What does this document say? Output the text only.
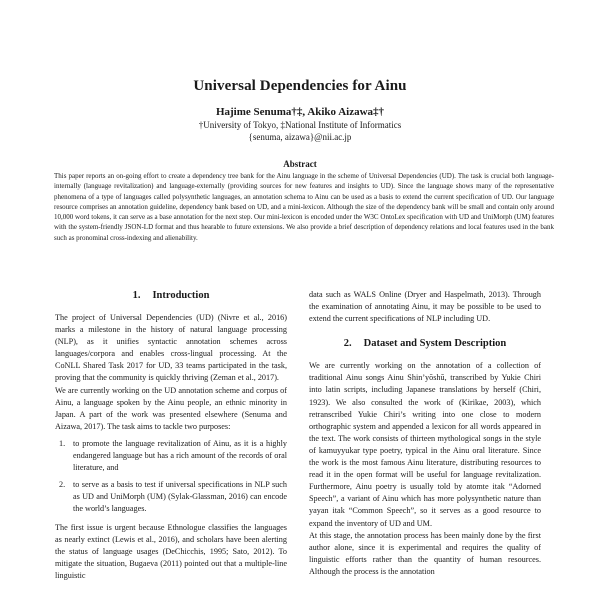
Universal Dependencies for Ainu
Hajime Senuma†‡, Akiko Aizawa‡†
†University of Tokyo, ‡National Institute of Informatics
{senuma, aizawa}@nii.ac.jp
Abstract

This paper reports an on-going effort to create a dependency tree bank for the Ainu language in the scheme of Universal Dependencies (UD). The task is crucial both language-internally (language revitalization) and language-externally (providing sources for new features and insights to UD). Since the language shows many of the representative phenomena of a type of languages called polysynthetic languages, an annotation schema to Ainu can be used as a basis to extend the current specification of UD. Our language resource comprises an annotation guideline, dependency bank based on UD, and a mini-lexicon. Although the size of the dependency bank will be small and contain only around 10,000 word tokens, it can serve as a base annotation for the next step. Our mini-lexicon is encoded under the W3C OntoLex specification with UD and UniMorph (UM) features with the system-friendly JSON-LD format and thus hearable to future extensions. We also provide a brief description of dependency relations and local features used in the bank such as pronominal cross-indexing and alienability.

1. Introduction

The project of Universal Dependencies (UD) (Nivre et al., 2016) marks a milestone in the history of natural language processing (NLP), as it unifies syntactic annotation schemes across languages/corpora and enables cross-lingual processing. At the CoNLL Shared Task 2017 for UD, 33 teams participated in the task, proving that the community is quickly thriving (Zeman et al., 2017).

We are currently working on the UD annotation scheme and corpus of Ainu, a language spoken by the Ainu people, an ethnic minority in Japan. A part of the work was presented elsewhere (Senuma and Aizawa, 2017). The task aims to tackle two purposes:

1. to promote the language revitalization of Ainu, as it is a highly endangered language but has a rich amount of the records of oral literature, and
2. to serve as a basis to test if universal specifications in NLP such as UD and UniMorph (UM) (Sylak-Glassman, 2016) can encode the world’s languages.

The first issue is urgent because Ethnologue classifies the languages as nearly extinct (Lewis et al., 2016), and scholars have been alerting the status of language usages (DeChicchis, 1995; Sato, 2012). To mitigate the situation, Bugaeva (2011) pointed out that a multiple-line linguistic

data such as WALS Online (Dryer and Haspelmath, 2013). Through the examination of annotating Ainu, it may be possible to be used to extend the current specifications of NLP including UD.

2. Dataset and System Description

We are currently working on the annotation of a collection of traditional Ainu songs Ainu Shin’yōshū, transcribed by Yukie Chiri into latin scripts, including Japanese translations by herself (Chiri, 1923). We also consulted the work of (Kirikae, 2003), which retranscribed Yukie Chiri’s writing into one close to modern orthographic system and appended a lexicon for all words appeared in the text. The work consists of thirteen mythological songs in the style of kamuyyukar type poetry, typical in the Ainu oral literature. Since the work is the most famous Ainu literature, distributing resources to read it in the open format will be useful for language revitalization. Furthermore, Ainu poetry is usually told by atomte itak “Adorned Speech”, a variant of Ainu which has more polysynthetic nature than yayan itak “Common Speech”, so it serves as a good resource to expand the inventory of UD and UM.

At this stage, the annotation process has been mainly done by the first author alone, since it is experimental and requires the quality of linguistic efforts rather than the quantity of human resources. Although the process is the annotation
